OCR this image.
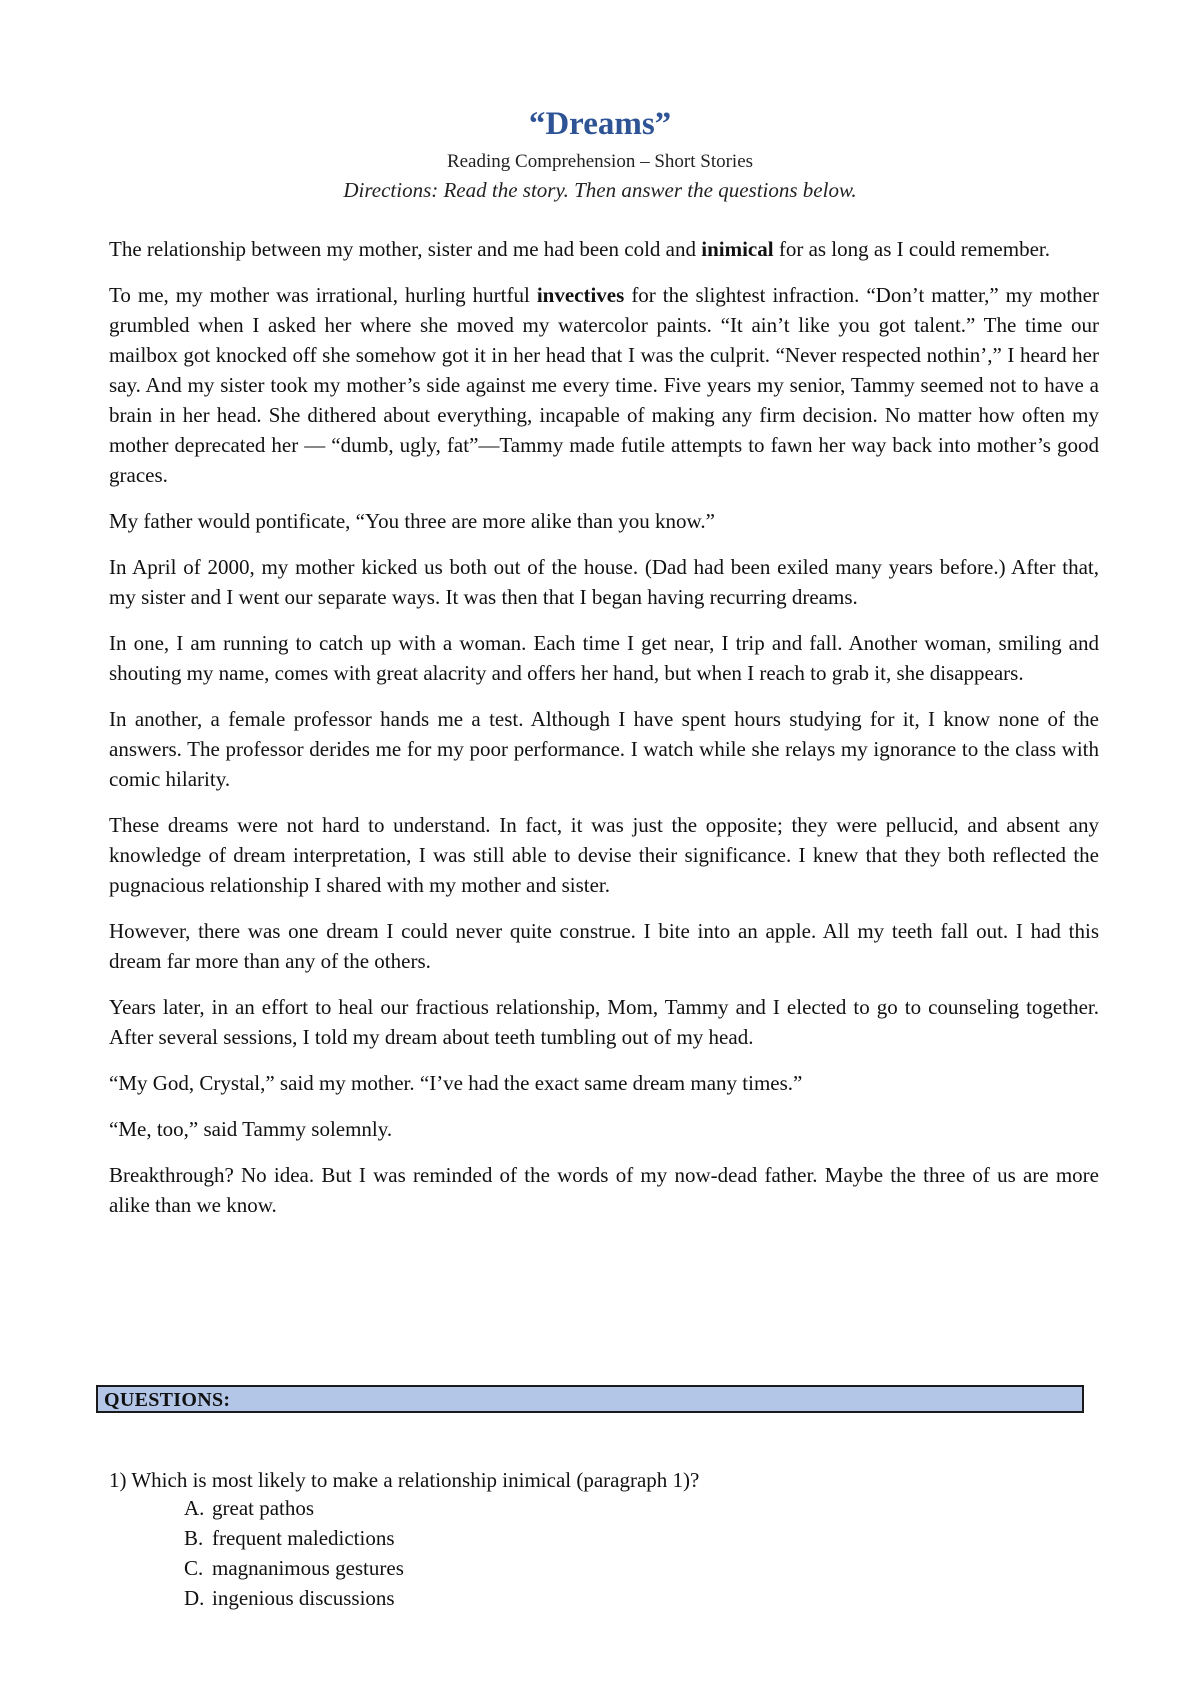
“Dreams”
Reading Comprehension – Short Stories
Directions: Read the story. Then answer the questions below.

The relationship between my mother, sister and me had been cold and inimical for as long as I could remember.

To me, my mother was irrational, hurling hurtful invectives for the slightest infraction. “Don’t matter,” my mother grumbled when I asked her where she moved my watercolor paints. “It ain’t like you got talent.” The time our mailbox got knocked off she somehow got it in her head that I was the culprit. “Never respected nothin’,” I heard her say. And my sister took my mother’s side against me every time. Five years my senior, Tammy seemed not to have a brain in her head. She dithered about everything, incapable of making any firm decision. No matter how often my mother deprecated her — “dumb, ugly, fat”—Tammy made futile attempts to fawn her way back into mother’s good graces.

My father would pontificate, “You three are more alike than you know.”

In April of 2000, my mother kicked us both out of the house. (Dad had been exiled many years before.) After that, my sister and I went our separate ways. It was then that I began having recurring dreams.

In one, I am running to catch up with a woman. Each time I get near, I trip and fall. Another woman, smiling and shouting my name, comes with great alacrity and offers her hand, but when I reach to grab it, she disappears.

In another, a female professor hands me a test. Although I have spent hours studying for it, I know none of the answers. The professor derides me for my poor performance. I watch while she relays my ignorance to the class with comic hilarity.

These dreams were not hard to understand. In fact, it was just the opposite; they were pellucid, and absent any knowledge of dream interpretation, I was still able to devise their significance. I knew that they both reflected the pugnacious relationship I shared with my mother and sister.

However, there was one dream I could never quite construe. I bite into an apple. All my teeth fall out. I had this dream far more than any of the others.

Years later, in an effort to heal our fractious relationship, Mom, Tammy and I elected to go to counseling together. After several sessions, I told my dream about teeth tumbling out of my head.

“My God, Crystal,” said my mother. “I’ve had the exact same dream many times.”

“Me, too,” said Tammy solemnly.

Breakthrough? No idea. But I was reminded of the words of my now-dead father. Maybe the three of us are more alike than we know.

QUESTIONS:

1) Which is most likely to make a relationship inimical (paragraph 1)?

A. great pathos
B. frequent maledictions
C. magnanimous gestures
D. ingenious discussions
